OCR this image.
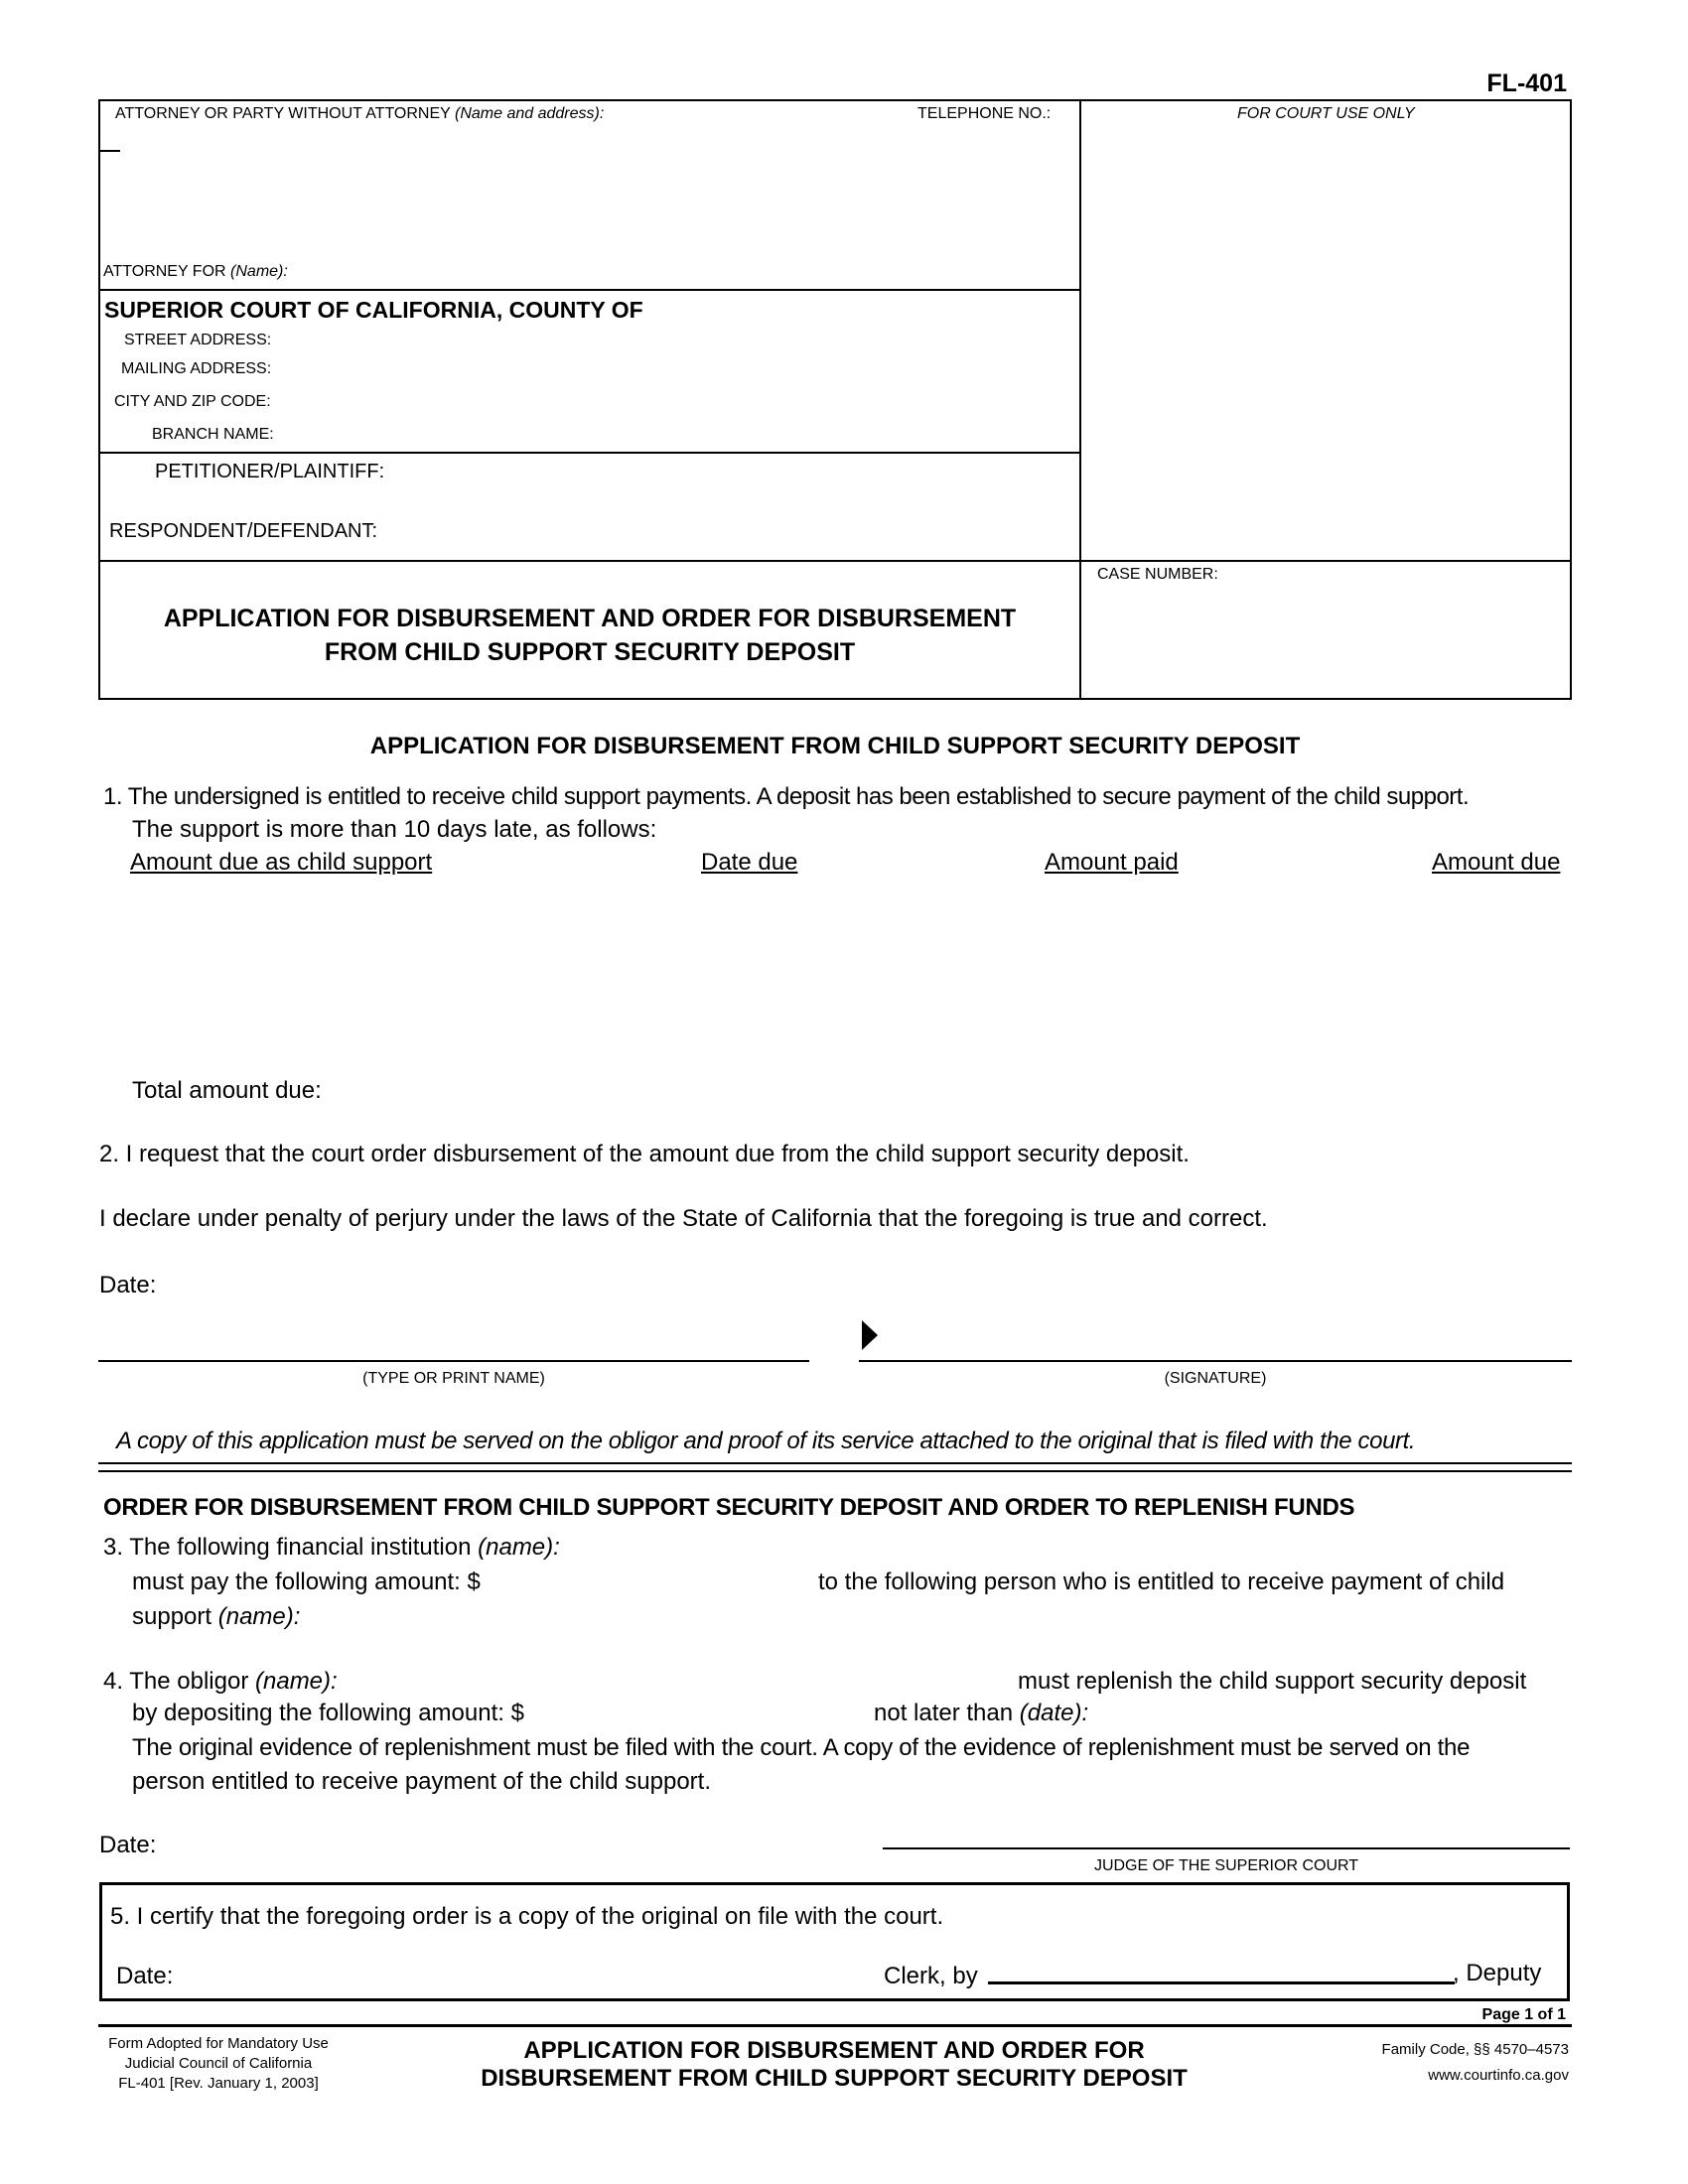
FL-401
ATTORNEY OR PARTY WITHOUT ATTORNEY (Name and address):	TELEPHONE NO.:	FOR COURT USE ONLY
ATTORNEY FOR (Name):
SUPERIOR COURT OF CALIFORNIA, COUNTY OF
STREET ADDRESS:
MAILING ADDRESS:
CITY AND ZIP CODE:
BRANCH NAME:
PETITIONER/PLAINTIFF:
RESPONDENT/DEFENDANT:
CASE NUMBER:
APPLICATION FOR DISBURSEMENT AND ORDER FOR DISBURSEMENT
FROM CHILD SUPPORT SECURITY DEPOSIT
APPLICATION FOR DISBURSEMENT FROM CHILD SUPPORT SECURITY DEPOSIT
1. The undersigned is entitled to receive child support payments. A deposit has been established to secure payment of the child support.
The support is more than 10 days late, as follows:
Amount due as child support	Date due	Amount paid	Amount due
Total amount due:
2. I request that the court order disbursement of the amount due from the child support security deposit.
I declare under penalty of perjury under the laws of the State of California that the foregoing is true and correct.
Date:
(TYPE OR PRINT NAME)	(SIGNATURE)
A copy of this application must be served on the obligor and proof of its service attached to the original that is filed with the court.
ORDER FOR DISBURSEMENT FROM CHILD SUPPORT SECURITY DEPOSIT AND ORDER TO REPLENISH FUNDS
3. The following financial institution (name):
must pay the following amount: $	to the following person who is entitled to receive payment of child
support (name):
4. The obligor (name):	must replenish the child support security deposit
by depositing the following amount: $	not later than (date):
The original evidence of replenishment must be filed with the court. A copy of the evidence of replenishment must be served on the
person entitled to receive payment of the child support.
Date:
JUDGE OF THE SUPERIOR COURT
5. I certify that the foregoing order is a copy of the original on file with the court.
Date:	Clerk, by	, Deputy
Page 1 of 1
Form Adopted for Mandatory Use
Judicial Council of California
FL-401 [Rev. January 1, 2003]
APPLICATION FOR DISBURSEMENT AND ORDER FOR
DISBURSEMENT FROM CHILD SUPPORT SECURITY DEPOSIT
Family Code, §§ 4570–4573
www.courtinfo.ca.gov
